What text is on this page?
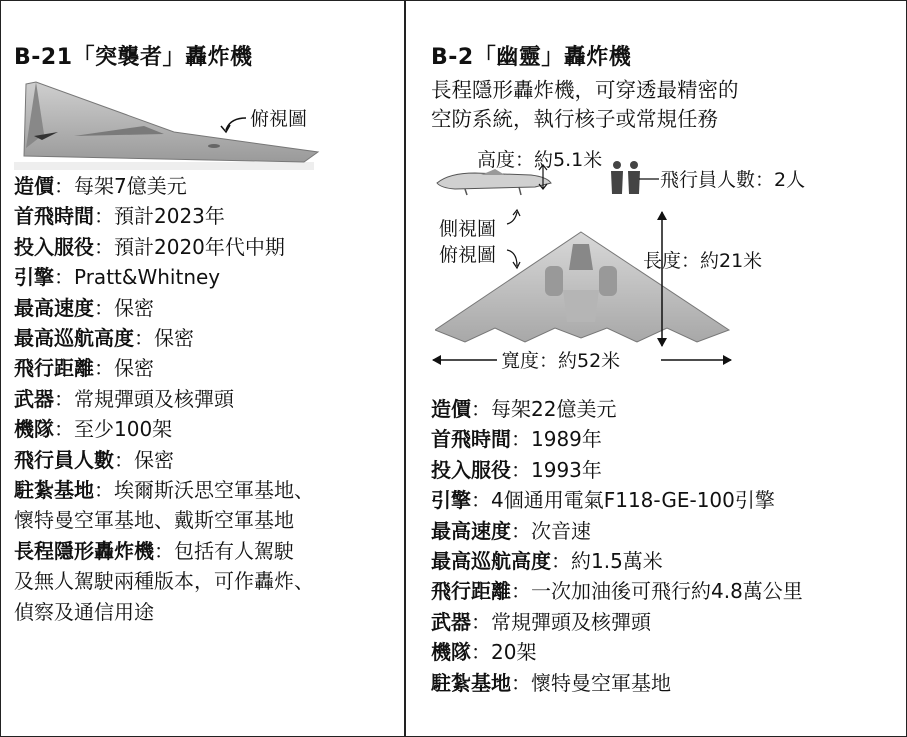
B-21「突襲者」轟炸機
俯視圖
造價：每架7億美元
首飛時間：預計2023年
投入服役：預計2020年代中期
引擎：Pratt&Whitney
最高速度：保密
最高巡航高度：保密
飛行距離：保密
武器：常規彈頭及核彈頭
機隊：至少100架
飛行員人數：保密
駐紮基地：埃爾斯沃思空軍基地、
懷特曼空軍基地、戴斯空軍基地
長程隱形轟炸機：包括有人駕駛
及無人駕駛兩種版本，可作轟炸、
偵察及通信用途
B-2「幽靈」轟炸機
長程隱形轟炸機，可穿透最精密的
空防系統，執行核子或常規任務
高度：約5.1米
飛行員人數：2人
側視圖
俯視圖	長度：約21米
寬度：約52米
造價：每架22億美元
首飛時間：1989年
投入服役：1993年
引擎：4個通用電氣F118-GE-100引擎
最高速度：次音速
最高巡航高度：約1.5萬米
飛行距離：一次加油後可飛行約4.8萬公里
武器：常規彈頭及核彈頭
機隊：20架
駐紮基地：懷特曼空軍基地
